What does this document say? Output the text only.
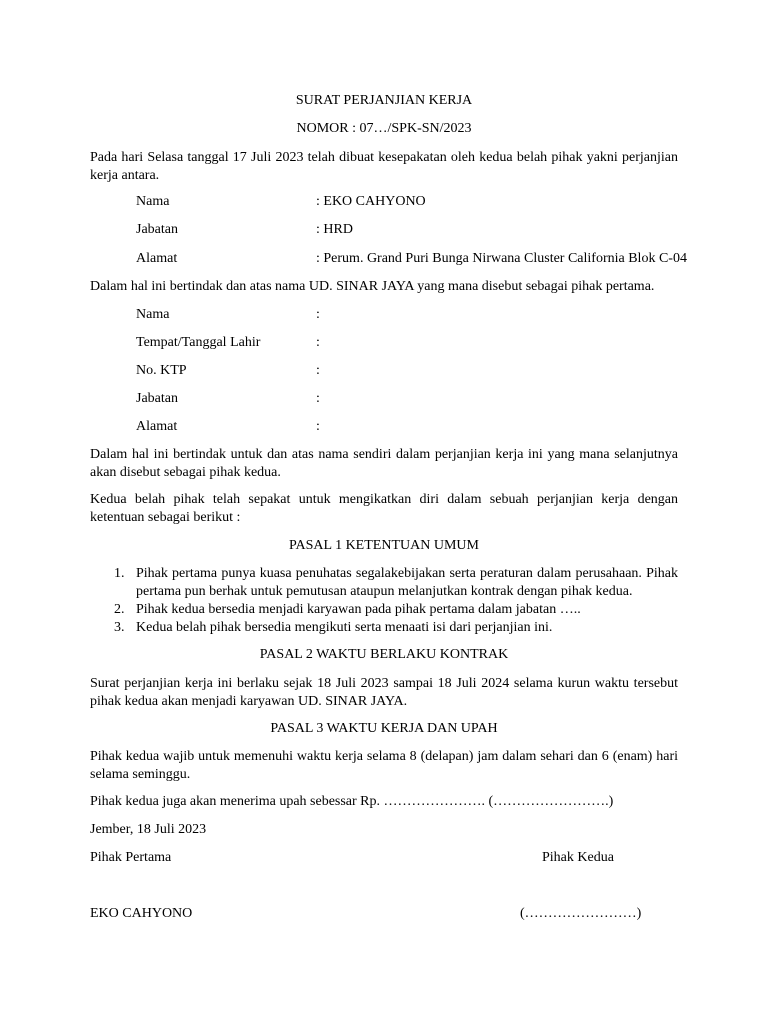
SURAT PERJANJIAN KERJA
NOMOR : 07…/SPK-SN/2023
Pada hari Selasa tanggal 17 Juli 2023 telah dibuat kesepakatan oleh kedua belah pihak yakni perjanjian kerja antara.
Nama	: EKO CAHYONO
Jabatan	: HRD
Alamat	: Perum. Grand Puri Bunga Nirwana Cluster California Blok C-04
Dalam hal ini bertindak dan atas nama UD. SINAR JAYA yang mana disebut sebagai pihak pertama.
Nama	:
Tempat/Tanggal Lahir	:
No. KTP	:
Jabatan	:
Alamat	:
Dalam hal ini bertindak untuk dan atas nama sendiri dalam perjanjian kerja ini yang mana selanjutnya akan disebut sebagai pihak kedua.
Kedua belah pihak telah sepakat untuk mengikatkan diri dalam sebuah perjanjian kerja dengan ketentuan sebagai berikut :
PASAL 1 KETENTUAN UMUM
1. Pihak pertama punya kuasa penuhatas segalakebijakan serta peraturan dalam perusahaan. Pihak pertama pun berhak untuk pemutusan ataupun melanjutkan kontrak dengan pihak kedua.
2. Pihak kedua bersedia menjadi karyawan pada pihak pertama dalam jabatan …..
3. Kedua belah pihak bersedia mengikuti serta menaati isi dari perjanjian ini.
PASAL 2 WAKTU BERLAKU KONTRAK
Surat perjanjian kerja ini berlaku sejak 18 Juli 2023 sampai 18 Juli 2024 selama kurun waktu tersebut pihak kedua akan menjadi karyawan UD. SINAR JAYA.
PASAL 3 WAKTU KERJA DAN UPAH
Pihak kedua wajib untuk memenuhi waktu kerja selama 8 (delapan) jam dalam sehari dan 6 (enam) hari selama seminggu.
Pihak kedua juga akan menerima upah sebessar Rp. …………………. (…………………….)
Jember, 18 Juli 2023
Pihak Pertama	Pihak Kedua
EKO CAHYONO	(……………………)
